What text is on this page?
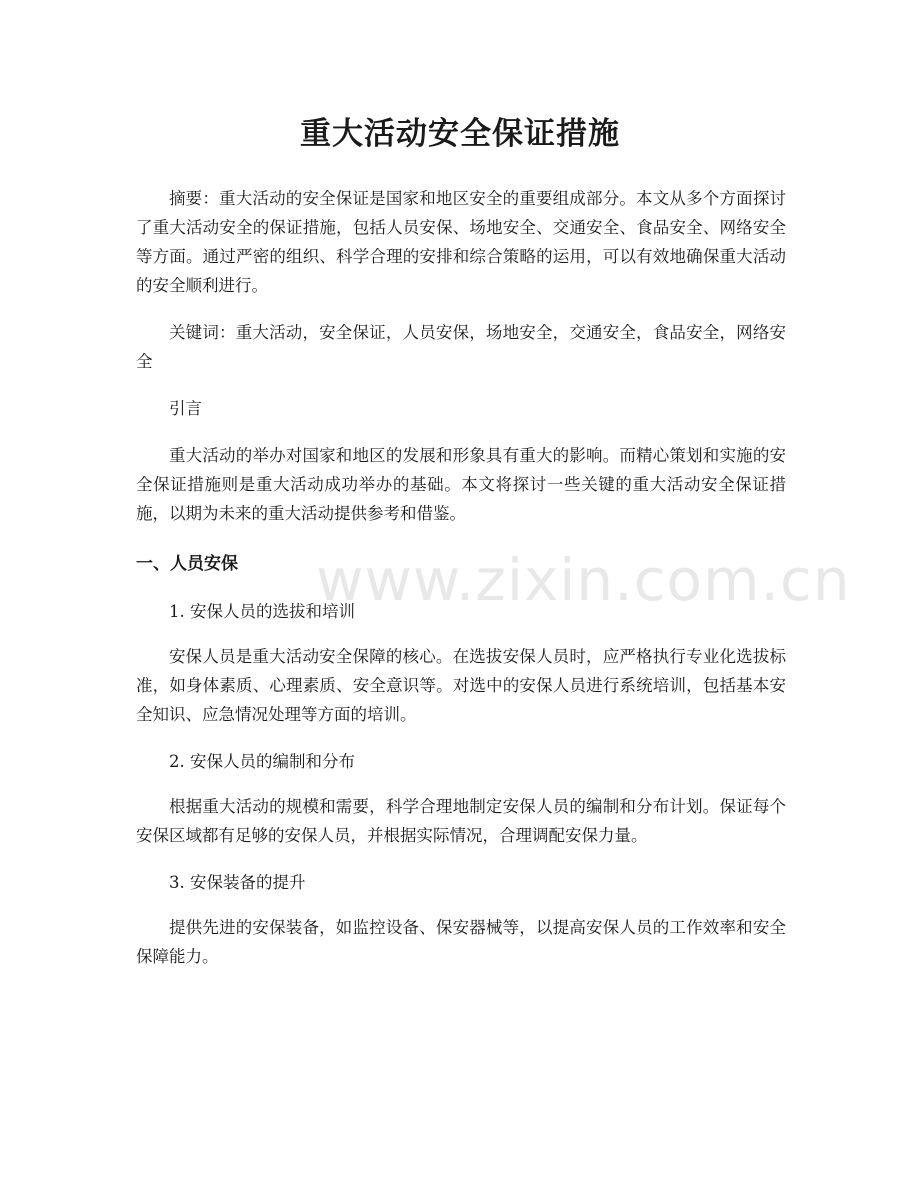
重大活动安全保证措施

摘要：重大活动的安全保证是国家和地区安全的重要组成部分。本文从多个方面探讨了重大活动安全的保证措施，包括人员安保、场地安全、交通安全、食品安全、网络安全等方面。通过严密的组织、科学合理的安排和综合策略的运用，可以有效地确保重大活动的安全顺利进行。

关键词：重大活动，安全保证，人员安保，场地安全，交通安全，食品安全，网络安全

引言

重大活动的举办对国家和地区的发展和形象具有重大的影响。而精心策划和实施的安全保证措施则是重大活动成功举办的基础。本文将探讨一些关键的重大活动安全保证措施，以期为未来的重大活动提供参考和借鉴。

一、人员安保

1. 安保人员的选拔和培训

安保人员是重大活动安全保障的核心。在选拔安保人员时，应严格执行专业化选拔标准，如身体素质、心理素质、安全意识等。对选中的安保人员进行系统培训，包括基本安全知识、应急情况处理等方面的培训。

2. 安保人员的编制和分布

根据重大活动的规模和需要，科学合理地制定安保人员的编制和分布计划。保证每个安保区域都有足够的安保人员，并根据实际情况，合理调配安保力量。

3. 安保装备的提升

提供先进的安保装备，如监控设备、保安器械等，以提高安保人员的工作效率和安全保障能力。

www.zixin.com.cn
